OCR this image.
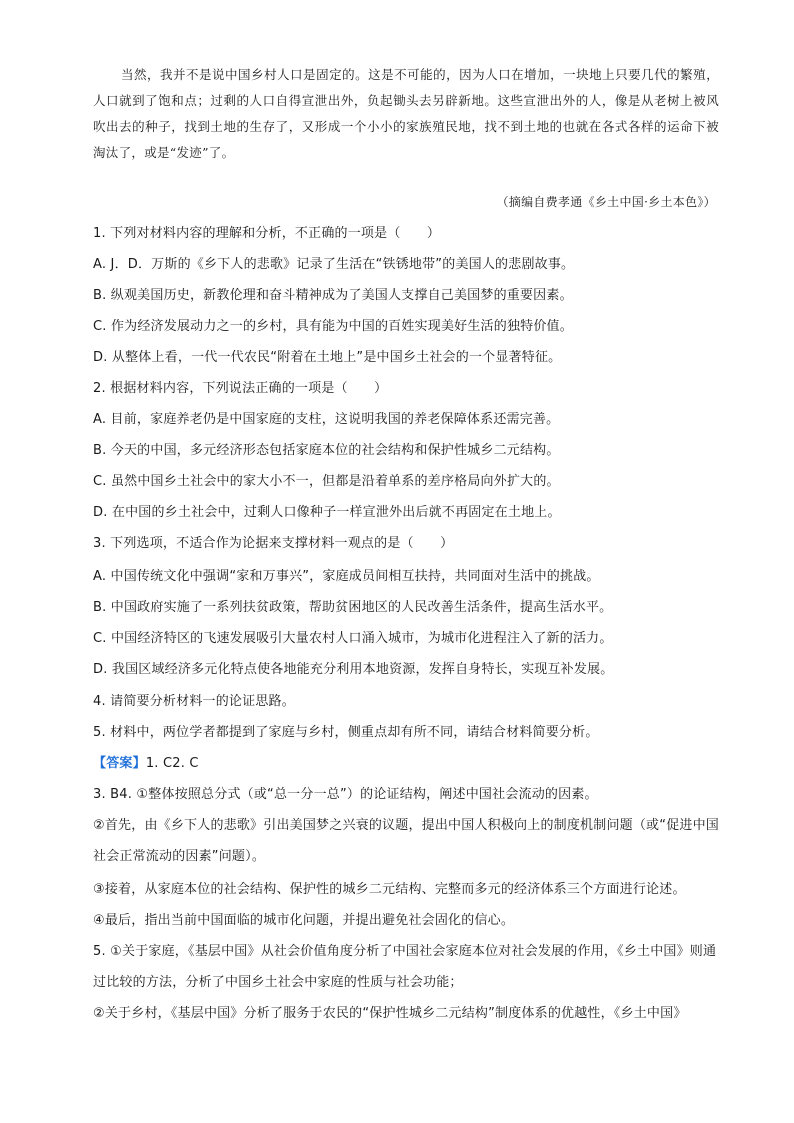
当然，我并不是说中国乡村人口是固定的。这是不可能的，因为人口在增加，一块地上只要几代的繁殖，人口就到了饱和点；过剩的人口自得宣泄出外，负起锄头去另辟新地。这些宣泄出外的人，像是从老树上被风吹出去的种子，找到土地的生存了，又形成一个小小的家族殖民地，找不到土地的也就在各式各样的运命下被淘汰了，或是“发迹”了。

（摘编自费孝通《乡土中国·乡土本色》）

1. 下列对材料内容的理解和分析，不正确的一项是（　　）

A. J．D．万斯的《乡下人的悲歌》记录了生活在“铁锈地带”的美国人的悲剧故事。

B. 纵观美国历史，新教伦理和奋斗精神成为了美国人支撑自己美国梦的重要因素。

C. 作为经济发展动力之一的乡村，具有能为中国的百姓实现美好生活的独特价值。

D. 从整体上看，一代一代农民“附着在土地上”是中国乡土社会的一个显著特征。

2. 根据材料内容，下列说法正确的一项是（　　）

A. 目前，家庭养老仍是中国家庭的支柱，这说明我国的养老保障体系还需完善。

B. 今天的中国，多元经济形态包括家庭本位的社会结构和保护性城乡二元结构。

C. 虽然中国乡土社会中的家大小不一，但都是沿着单系的差序格局向外扩大的。

D. 在中国的乡土社会中，过剩人口像种子一样宣泄外出后就不再固定在土地上。

3. 下列选项，不适合作为论据来支撑材料一观点的是（　　）

A. 中国传统文化中强调“家和万事兴”，家庭成员间相互扶持，共同面对生活中的挑战。

B. 中国政府实施了一系列扶贫政策，帮助贫困地区的人民改善生活条件，提高生活水平。

C. 中国经济特区的飞速发展吸引大量农村人口涌入城市，为城市化进程注入了新的活力。

D. 我国区域经济多元化特点使各地能充分利用本地资源，发挥自身特长，实现互补发展。

4. 请简要分析材料一的论证思路。

5. 材料中，两位学者都提到了家庭与乡村，侧重点却有所不同，请结合材料简要分析。

【答案】1. C2. C

3. B4. ①整体按照总分式（或“总一分一总”）的论证结构，阐述中国社会流动的因素。

②首先，由《乡下人的悲歌》引出美国梦之兴衰的议题，提出中国人积极向上的制度机制问题（或“促进中国社会正常流动的因素”问题）。

③接着，从家庭本位的社会结构、保护性的城乡二元结构、完整而多元的经济体系三个方面进行论述。

④最后，指出当前中国面临的城市化问题，并提出避免社会固化的信心。

5. ①关于家庭，《基层中国》从社会价值角度分析了中国社会家庭本位对社会发展的作用，《乡土中国》则通过比较的方法，分析了中国乡土社会中家庭的性质与社会功能；

②关于乡村，《基层中国》分析了服务于农民的“保护性城乡二元结构”制度体系的优越性，《乡土中国》
